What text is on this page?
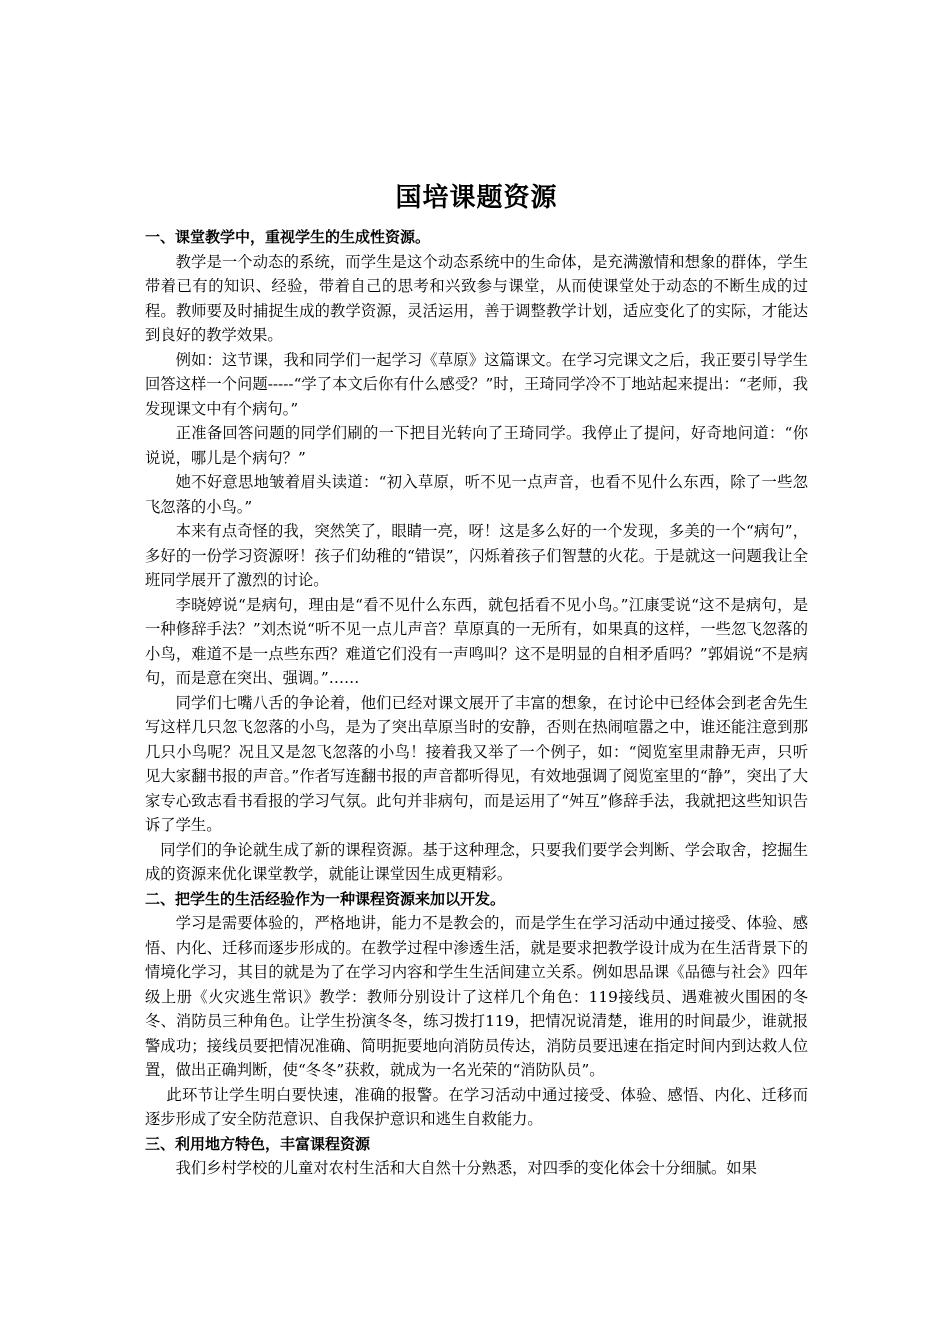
国培课题资源

一、课堂教学中，重视学生的生成性资源。

教学是一个动态的系统，而学生是这个动态系统中的生命体，是充满激情和想象的群体，学生带着已有的知识、经验，带着自己的思考和兴致参与课堂，从而使课堂处于动态的不断生成的过程。教师要及时捕捉生成的教学资源，灵活运用，善于调整教学计划，适应变化了的实际，才能达到良好的教学效果。

例如：这节课，我和同学们一起学习《草原》这篇课文。在学习完课文之后，我正要引导学生回答这样一个问题-----“学了本文后你有什么感受？”时，王琦同学冷不丁地站起来提出：“老师，我发现课文中有个病句。”

正准备回答问题的同学们刷的一下把目光转向了王琦同学。我停止了提问，好奇地问道：“你说说，哪儿是个病句？”

她不好意思地皱着眉头读道：“初入草原，听不见一点声音，也看不见什么东西，除了一些忽飞忽落的小鸟。”

本来有点奇怪的我，突然笑了，眼睛一亮，呀！这是多么好的一个发现，多美的一个“病句”，多好的一份学习资源呀！孩子们幼稚的“错误”，闪烁着孩子们智慧的火花。于是就这一问题我让全班同学展开了激烈的讨论。

李晓婷说“是病句，理由是“看不见什么东西，就包括看不见小鸟。”江康雯说“这不是病句，是一种修辞手法？”刘杰说“听不见一点儿声音？草原真的一无所有，如果真的这样，一些忽飞忽落的小鸟，难道不是一点些东西？难道它们没有一声鸣叫？这不是明显的自相矛盾吗？”郭娟说“不是病句，而是意在突出、强调。”……

同学们七嘴八舌的争论着，他们已经对课文展开了丰富的想象，在讨论中已经体会到老舍先生写这样几只忽飞忽落的小鸟，是为了突出草原当时的安静，否则在热闹喧嚣之中，谁还能注意到那几只小鸟呢？况且又是忽飞忽落的小鸟！接着我又举了一个例子，如：“阅览室里肃静无声，只听见大家翻书报的声音。”作者写连翻书报的声音都听得见，有效地强调了阅览室里的“静”，突出了大家专心致志看书看报的学习气氛。此句并非病句，而是运用了“舛互”修辞手法，我就把这些知识告诉了学生。

同学们的争论就生成了新的课程资源。基于这种理念，只要我们要学会判断、学会取舍，挖掘生成的资源来优化课堂教学，就能让课堂因生成更精彩。

二、把学生的生活经验作为一种课程资源来加以开发。

学习是需要体验的，严格地讲，能力不是教会的，而是学生在学习活动中通过接受、体验、感悟、内化、迁移而逐步形成的。在教学过程中渗透生活，就是要求把教学设计成为在生活背景下的情境化学习，其目的就是为了在学习内容和学生生活间建立关系。例如思品课《品德与社会》四年级上册《火灾逃生常识》教学：教师分别设计了这样几个角色：119接线员、遇难被火围困的冬冬、消防员三种角色。让学生扮演冬冬，练习拨打119，把情况说清楚，谁用的时间最少，谁就报警成功；接线员要把情况准确、简明扼要地向消防员传达，消防员要迅速在指定时间内到达救人位置，做出正确判断，使“冬冬”获救，就成为一名光荣的“消防队员”。

此环节让学生明白要快速，准确的报警。在学习活动中通过接受、体验、感悟、内化、迁移而逐步形成了安全防范意识、自我保护意识和逃生自救能力。

三、利用地方特色，丰富课程资源

我们乡村学校的儿童对农村生活和大自然十分熟悉，对四季的变化体会十分细腻。如果
